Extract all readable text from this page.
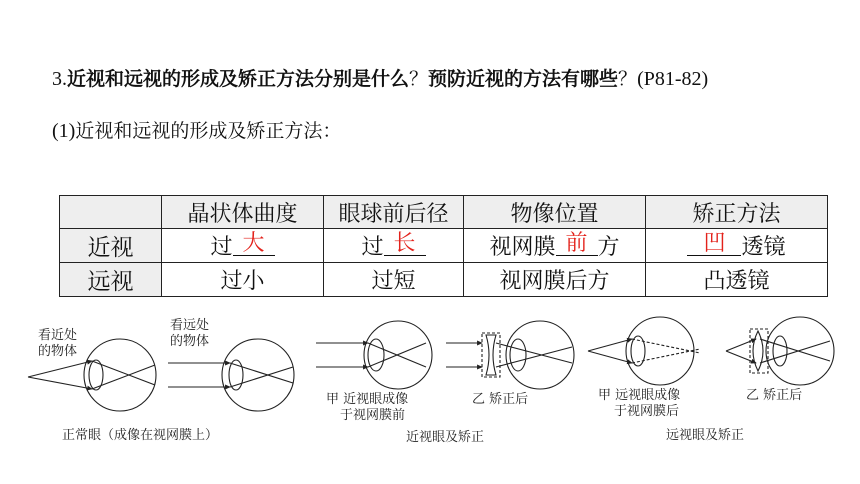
3.近视和远视的形成及矫正方法分别是什么？预防近视的方法有哪些？(P81-82)
(1)近视和远视的形成及矫正方法：
	晶状体曲度	眼球前后径	物像位置	矫正方法
近视	过 大	过 长	视网膜 前 方	凹 透镜
远视	过小	过短	视网膜后方	凸透镜
看近处
的物体
看远处
的物体
正常眼（成像在视网膜上）
甲 近视眼成像
于视网膜前
乙 矫正后
近视眼及矫正
甲 远视眼成像
于视网膜后
乙 矫正后
远视眼及矫正
